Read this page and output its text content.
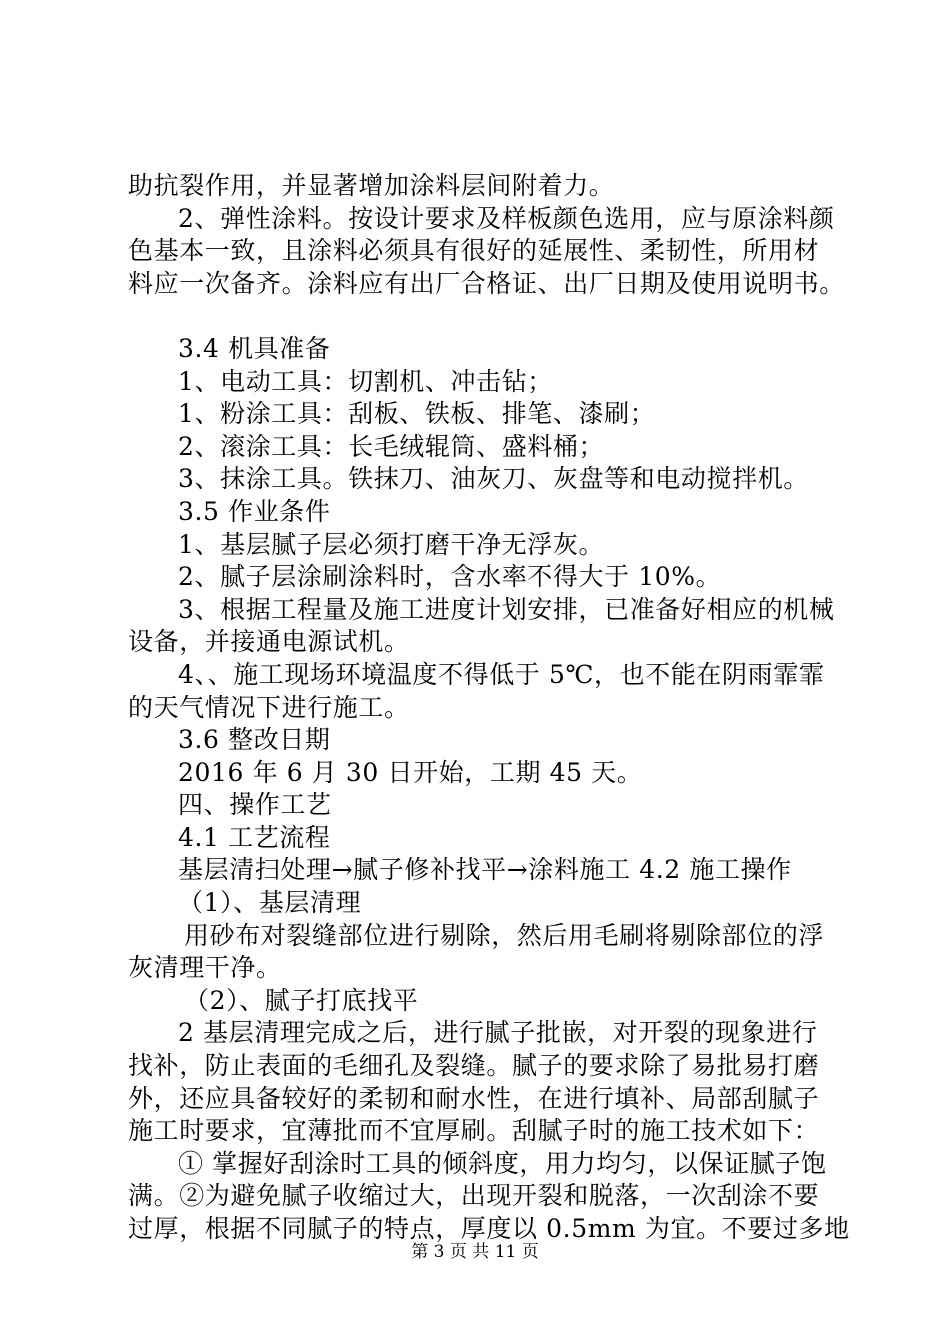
助抗裂作用，并显著增加涂料层间附着力。
2、弹性涂料。按设计要求及样板颜色选用，应与原涂料颜
色基本一致，且涂料必须具有很好的延展性、柔韧性，所用材
料应一次备齐。涂料应有出厂合格证、出厂日期及使用说明书。
3.4 机具准备
1、电动工具：切割机、冲击钻；
1、粉涂工具：刮板、铁板、排笔、漆刷；
2、滚涂工具：长毛绒辊筒、盛料桶；
3、抹涂工具。铁抹刀、油灰刀、灰盘等和电动搅拌机。
3.5 作业条件
1、基层腻子层必须打磨干净无浮灰。
2、腻子层涂刷涂料时，含水率不得大于 10%。
3、根据工程量及施工进度计划安排，已准备好相应的机械
设备，并接通电源试机。
4、、施工现场环境温度不得低于 5℃，也不能在阴雨霏霏
的天气情况下进行施工。
3.6 整改日期
2016 年 6 月 30 日开始，工期 45 天。
四、操作工艺
4.1 工艺流程
基层清扫处理→腻子修补找平→涂料施工 4.2 施工操作
（1）、基层清理
用砂布对裂缝部位进行剔除，然后用毛刷将剔除部位的浮
灰清理干净。
（2）、腻子打底找平
2 基层清理完成之后，进行腻子批嵌，对开裂的现象进行
找补，防止表面的毛细孔及裂缝。腻子的要求除了易批易打磨
外，还应具备较好的柔韧和耐水性，在进行填补、局部刮腻子
施工时要求，宜薄批而不宜厚刷。刮腻子时的施工技术如下：
① 掌握好刮涂时工具的倾斜度，用力均匀，以保证腻子饱
满。②为避免腻子收缩过大，出现开裂和脱落，一次刮涂不要
过厚，根据不同腻子的特点，厚度以 0.5mm 为宜。不要过多地
第 3 页 共 11 页
